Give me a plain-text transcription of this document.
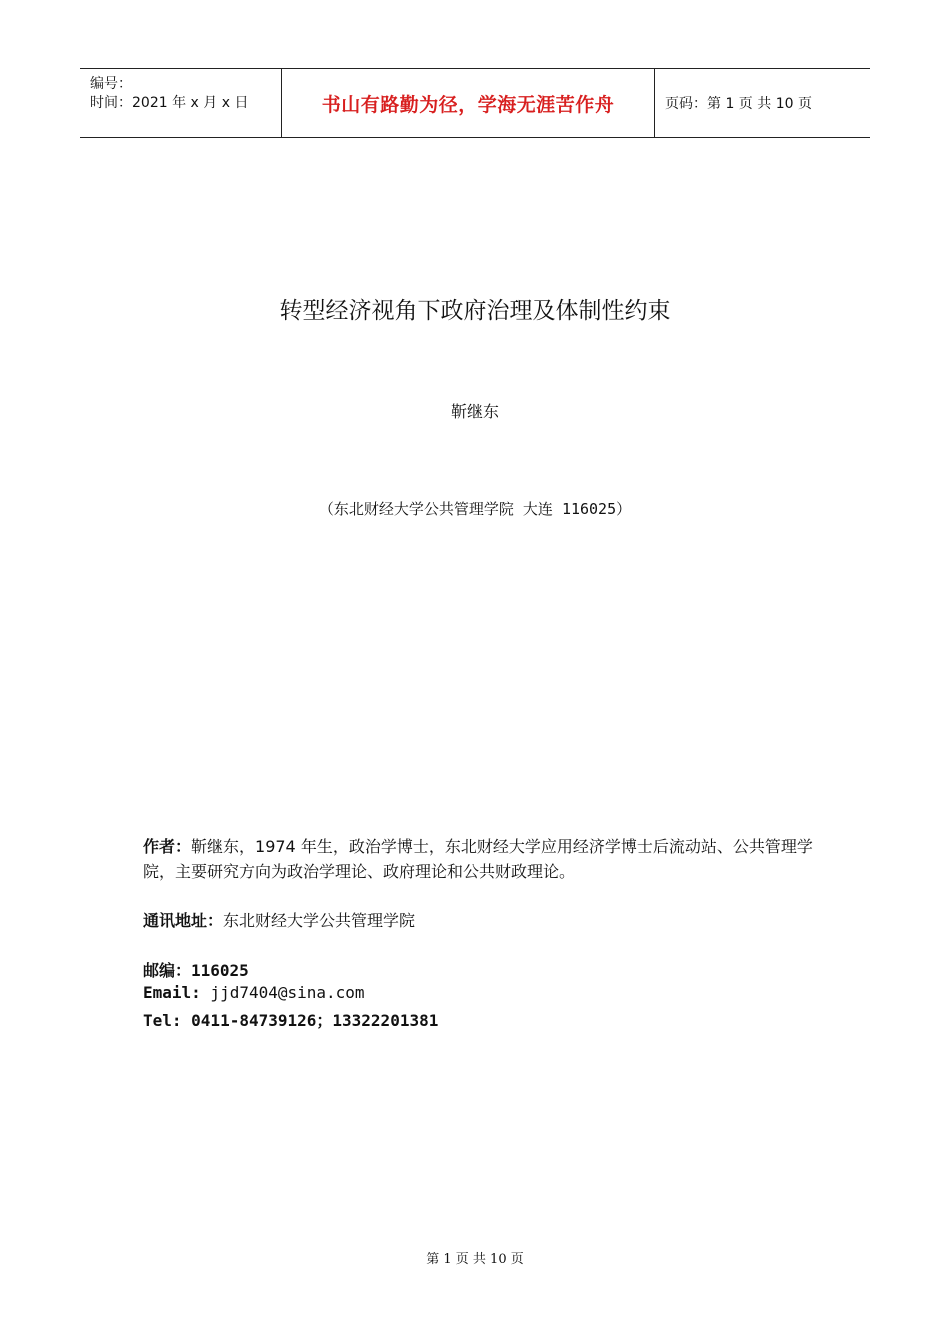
编号：
时间：2021 年 x 月 x 日	书山有路勤为径，学海无涯苦作舟	页码：第 1 页 共 10 页
转型经济视角下政府治理及体制性约束
靳继东
（东北财经大学公共管理学院 大连 116025）
作者：靳继东，1974 年生，政治学博士，东北财经大学应用经济学博士后流动站、公共管理学院，主要研究方向为政治学理论、政府理论和公共财政理论。
通讯地址：东北财经大学公共管理学院
邮编：116025
Email: jjd7404@sina.com
Tel: 0411-84739126；13322201381
第 1 页 共 10 页
